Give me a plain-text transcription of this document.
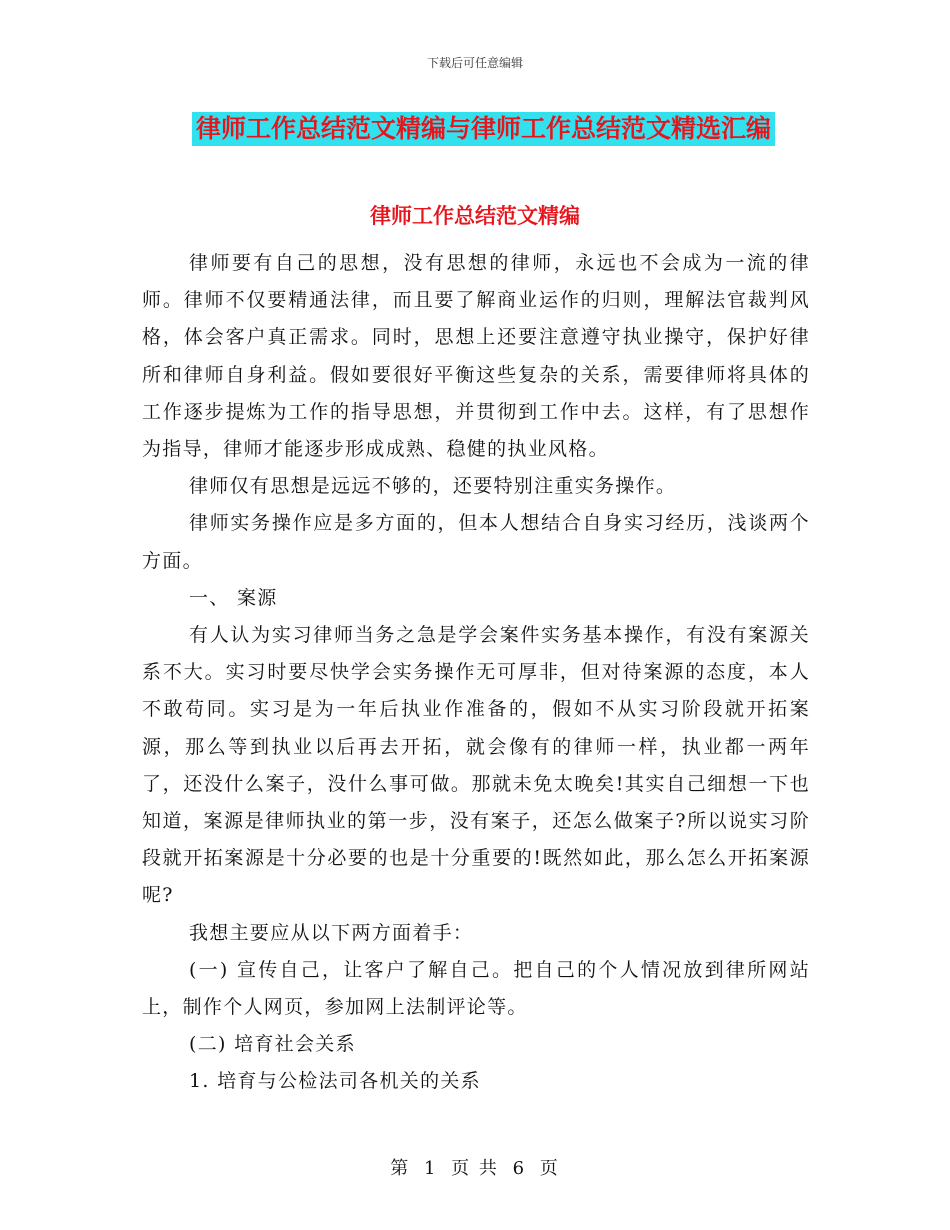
下载后可任意编辑
律师工作总结范文精编与律师工作总结范文精选汇编
律师工作总结范文精编

律师要有自己的思想，没有思想的律师，永远也不会成为一流的律师。律师不仅要精通法律，而且要了解商业运作的归则，理解法官裁判风格，体会客户真正需求。同时，思想上还要注意遵守执业操守，保护好律所和律师自身利益。假如要很好平衡这些复杂的关系，需要律师将具体的工作逐步提炼为工作的指导思想，并贯彻到工作中去。这样，有了思想作为指导，律师才能逐步形成成熟、稳健的执业风格。

律师仅有思想是远远不够的，还要特别注重实务操作。

律师实务操作应是多方面的，但本人想结合自身实习经历，浅谈两个方面。

一、 案源

有人认为实习律师当务之急是学会案件实务基本操作，有没有案源关系不大。实习时要尽快学会实务操作无可厚非，但对待案源的态度，本人不敢苟同。实习是为一年后执业作准备的，假如不从实习阶段就开拓案源，那么等到执业以后再去开拓，就会像有的律师一样，执业都一两年了，还没什么案子，没什么事可做。那就未免太晚矣!其实自己细想一下也知道，案源是律师执业的第一步，没有案子，还怎么做案子?所以说实习阶段就开拓案源是十分必要的也是十分重要的!既然如此，那么怎么开拓案源呢?

我想主要应从以下两方面着手：

(一) 宣传自己，让客户了解自己。把自己的个人情况放到律所网站上，制作个人网页，参加网上法制评论等。

(二) 培育社会关系

1. 培育与公检法司各机关的关系

第 1 页 共 6 页
